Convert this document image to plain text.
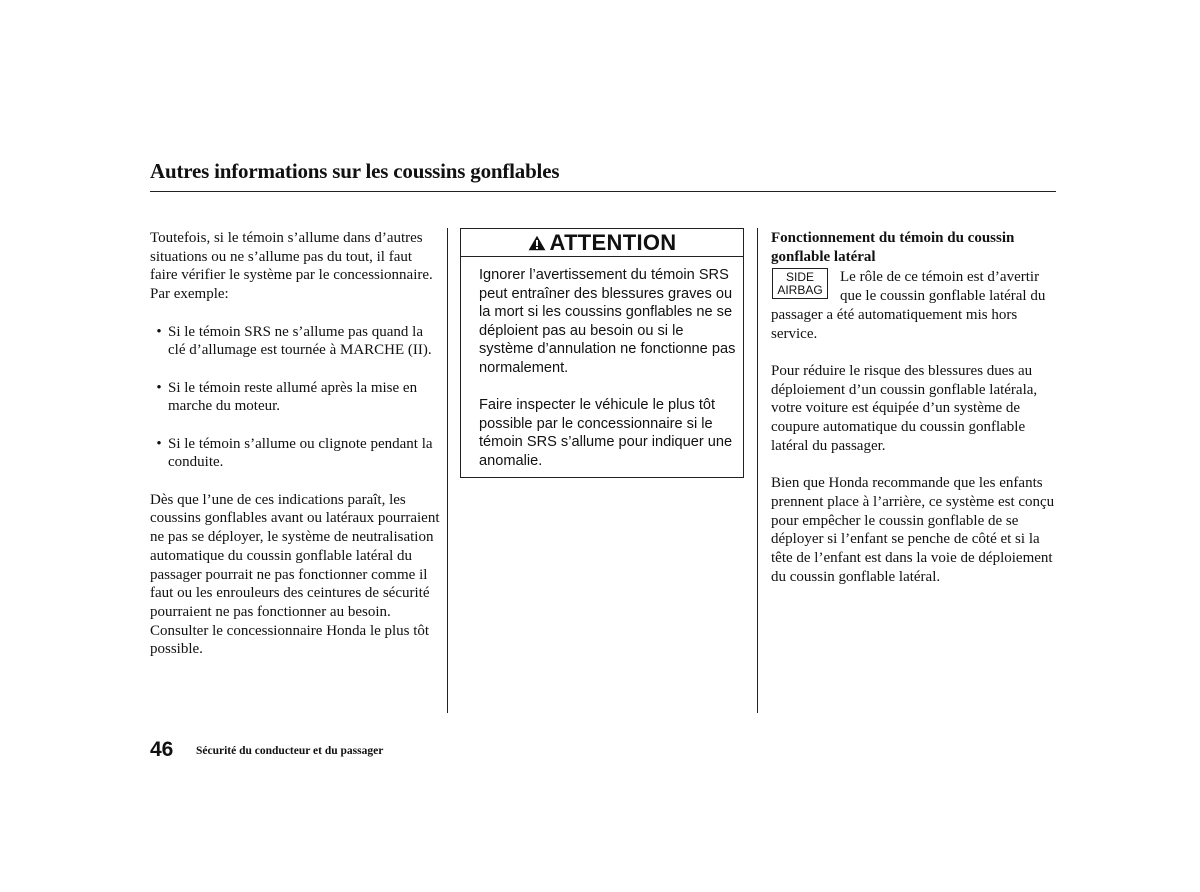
Autres informations sur les coussins gonflables

Toutefois, si le témoin s’allume dans d’autres situations ou ne s’allume pas du tout, il faut faire vérifier le système par le concessionnaire. Par exemple:

• Si le témoin SRS ne s’allume pas quand la clé d’allumage est tournée à MARCHE (II).
• Si le témoin reste allumé après la mise en marche du moteur.
• Si le témoin s’allume ou clignote pendant la conduite.

Dès que l’une de ces indications paraît, les coussins gonflables avant ou latéraux pourraient ne pas se déployer, le système de neutralisation automatique du coussin gonflable latéral du passager pourrait ne pas fonctionner comme il faut ou les enrouleurs des ceintures de sécurité pourraient ne pas fonctionner au besoin. Consulter le concessionnaire Honda le plus tôt possible.

ATTENTION

Ignorer l’avertissement du témoin SRS peut entraîner des blessures graves ou la mort si les coussins gonflables ne se déploient pas au besoin ou si le système d’annulation ne fonctionne pas normalement.

Faire inspecter le véhicule le plus tôt possible par le concessionnaire si le témoin SRS s’allume pour indiquer une anomalie.

Fonctionnement du témoin du coussin gonflable latéral

SIDE
AIRBAG

Le rôle de ce témoin est d’avertir que le coussin gonflable latéral du passager a été automatiquement mis hors service.

Pour réduire le risque des blessures dues au déploiement d’un coussin gonflable latérala, votre voiture est équipée d’un système de coupure automatique du coussin gonflable latéral du passager.

Bien que Honda recommande que les enfants prennent place à l’arrière, ce système est conçu pour empêcher le coussin gonflable de se déployer si l’enfant se penche de côté et si la tête de l’enfant est dans la voie de déploiement du coussin gonflable latéral.

46 Sécurité du conducteur et du passager
